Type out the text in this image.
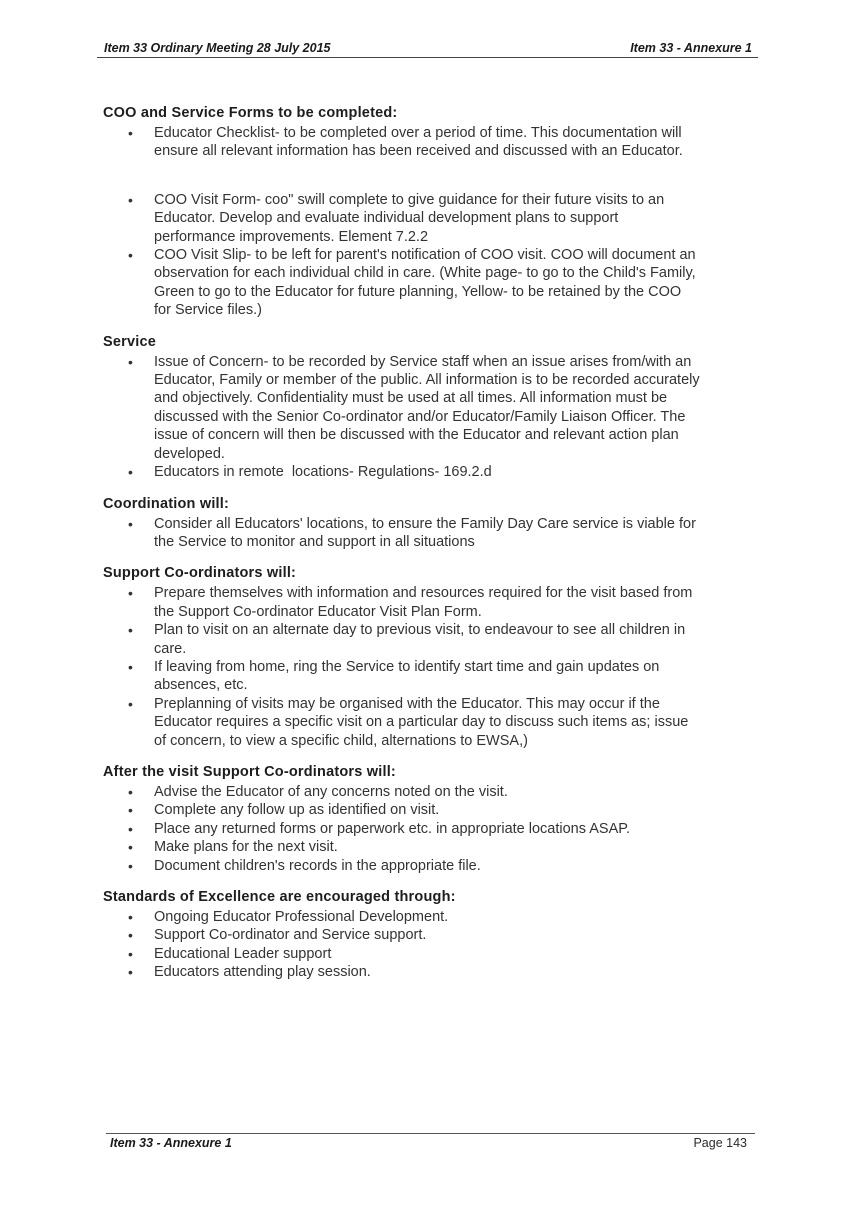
Item 33 Ordinary Meeting 28 July 2015	Item 33 - Annexure 1
COO and Service Forms to be completed:
• Educator Checklist- to be completed over a period of time. This documentation will
ensure all relevant information has been received and discussed with an Educator.
• COO Visit Form- coo" swill complete to give guidance for their future visits to an
Educator. Develop and evaluate individual development plans to support
performance improvements. Element 7.2.2
• COO Visit Slip- to be left for parent's notification of COO visit. COO will document an
observation for each individual child in care. (White page- to go to the Child's Family,
Green to go to the Educator for future planning, Yellow- to be retained by the COO
for Service files.)
Service
• Issue of Concern- to be recorded by Service staff when an issue arises from/with an
Educator, Family or member of the public. All information is to be recorded accurately
and objectively. Confidentiality must be used at all times. All information must be
discussed with the Senior Co-ordinator and/or Educator/Family Liaison Officer. The
issue of concern will then be discussed with the Educator and relevant action plan
developed.
• Educators in remote  locations- Regulations- 169.2.d
Coordination will:
• Consider all Educators' locations, to ensure the Family Day Care service is viable for
the Service to monitor and support in all situations
Support Co-ordinators will:
• Prepare themselves with information and resources required for the visit based from
the Support Co-ordinator Educator Visit Plan Form.
• Plan to visit on an alternate day to previous visit, to endeavour to see all children in
care.
• If leaving from home, ring the Service to identify start time and gain updates on
absences, etc.
• Preplanning of visits may be organised with the Educator. This may occur if the
Educator requires a specific visit on a particular day to discuss such items as; issue
of concern, to view a specific child, alternations to EWSA,)
After the visit Support Co-ordinators will:
• Advise the Educator of any concerns noted on the visit.
• Complete any follow up as identified on visit.
• Place any returned forms or paperwork etc. in appropriate locations ASAP.
• Make plans for the next visit.
• Document children's records in the appropriate file.
Standards of Excellence are encouraged through:
• Ongoing Educator Professional Development.
• Support Co-ordinator and Service support.
• Educational Leader support
• Educators attending play session.
Item 33 - Annexure 1	Page 143
